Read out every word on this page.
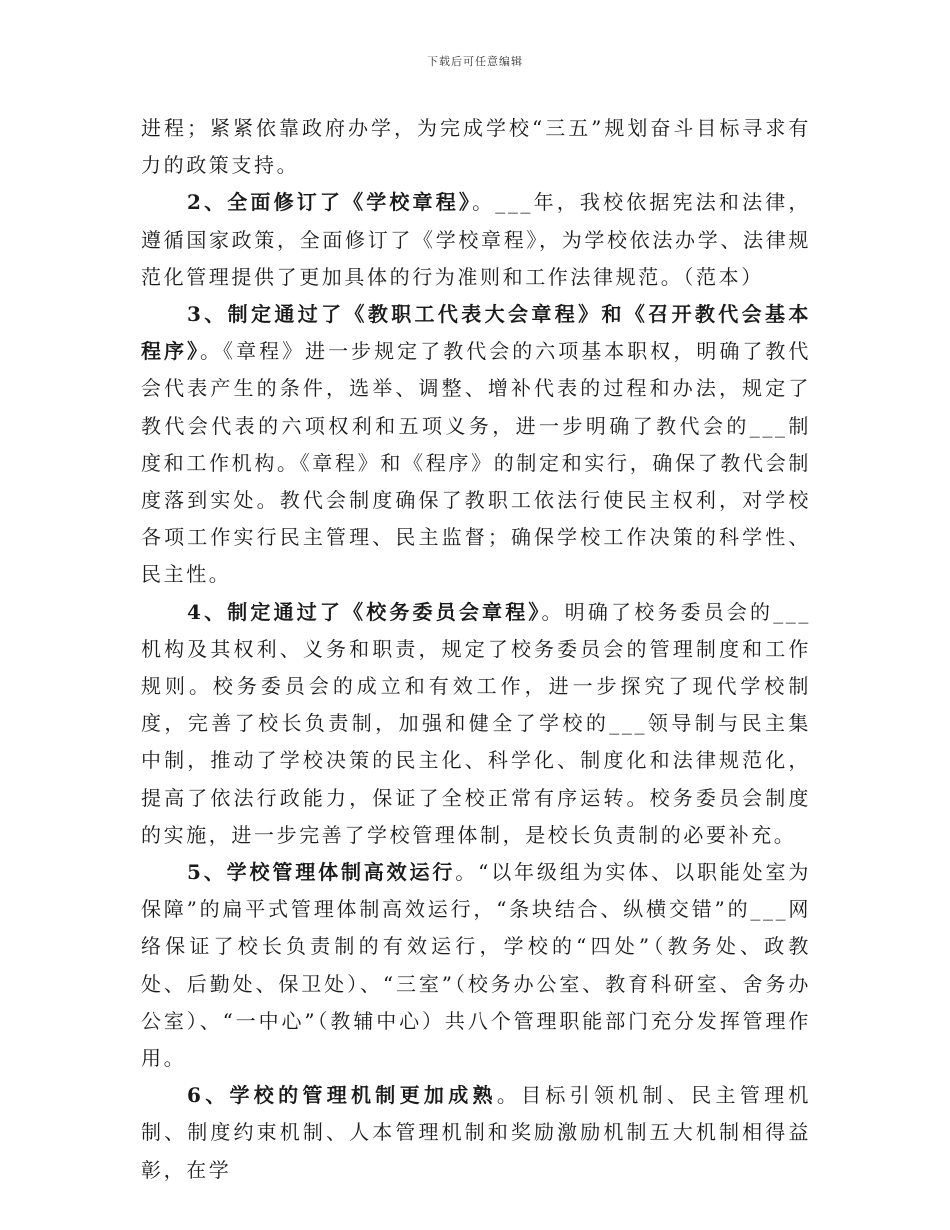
下载后可任意编辑

进程；紧紧依靠政府办学，为完成学校“三五”规划奋斗目标寻求有力的政策支持。

2、全面修订了《学校章程》。___年，我校依据宪法和法律，遵循国家政策，全面修订了《学校章程》，为学校依法办学、法律规范化管理提供了更加具体的行为准则和工作法律规范。（范本）

3、制定通过了《教职工代表大会章程》和《召开教代会基本程序》。《章程》进一步规定了教代会的六项基本职权，明确了教代会代表产生的条件，选举、调整、增补代表的过程和办法，规定了教代会代表的六项权利和五项义务，进一步明确了教代会的___制度和工作机构。《章程》和《程序》的制定和实行，确保了教代会制度落到实处。教代会制度确保了教职工依法行使民主权利，对学校各项工作实行民主管理、民主监督；确保学校工作决策的科学性、民主性。

4、制定通过了《校务委员会章程》。明确了校务委员会的___机构及其权利、义务和职责，规定了校务委员会的管理制度和工作规则。校务委员会的成立和有效工作，进一步探究了现代学校制度，完善了校长负责制，加强和健全了学校的___领导制与民主集中制，推动了学校决策的民主化、科学化、制度化和法律规范化，提高了依法行政能力，保证了全校正常有序运转。校务委员会制度的实施，进一步完善了学校管理体制，是校长负责制的必要补充。

5、学校管理体制高效运行。“以年级组为实体、以职能处室为保障”的扁平式管理体制高效运行，“条块结合、纵横交错”的___网络保证了校长负责制的有效运行，学校的“四处”（教务处、政教处、后勤处、保卫处）、“三室”（校务办公室、教育科研室、舍务办公室）、“一中心”（教辅中心）共八个管理职能部门充分发挥管理作用。

6、学校的管理机制更加成熟。目标引领机制、民主管理机制、制度约束机制、人本管理机制和奖励激励机制五大机制相得益彰，在学
